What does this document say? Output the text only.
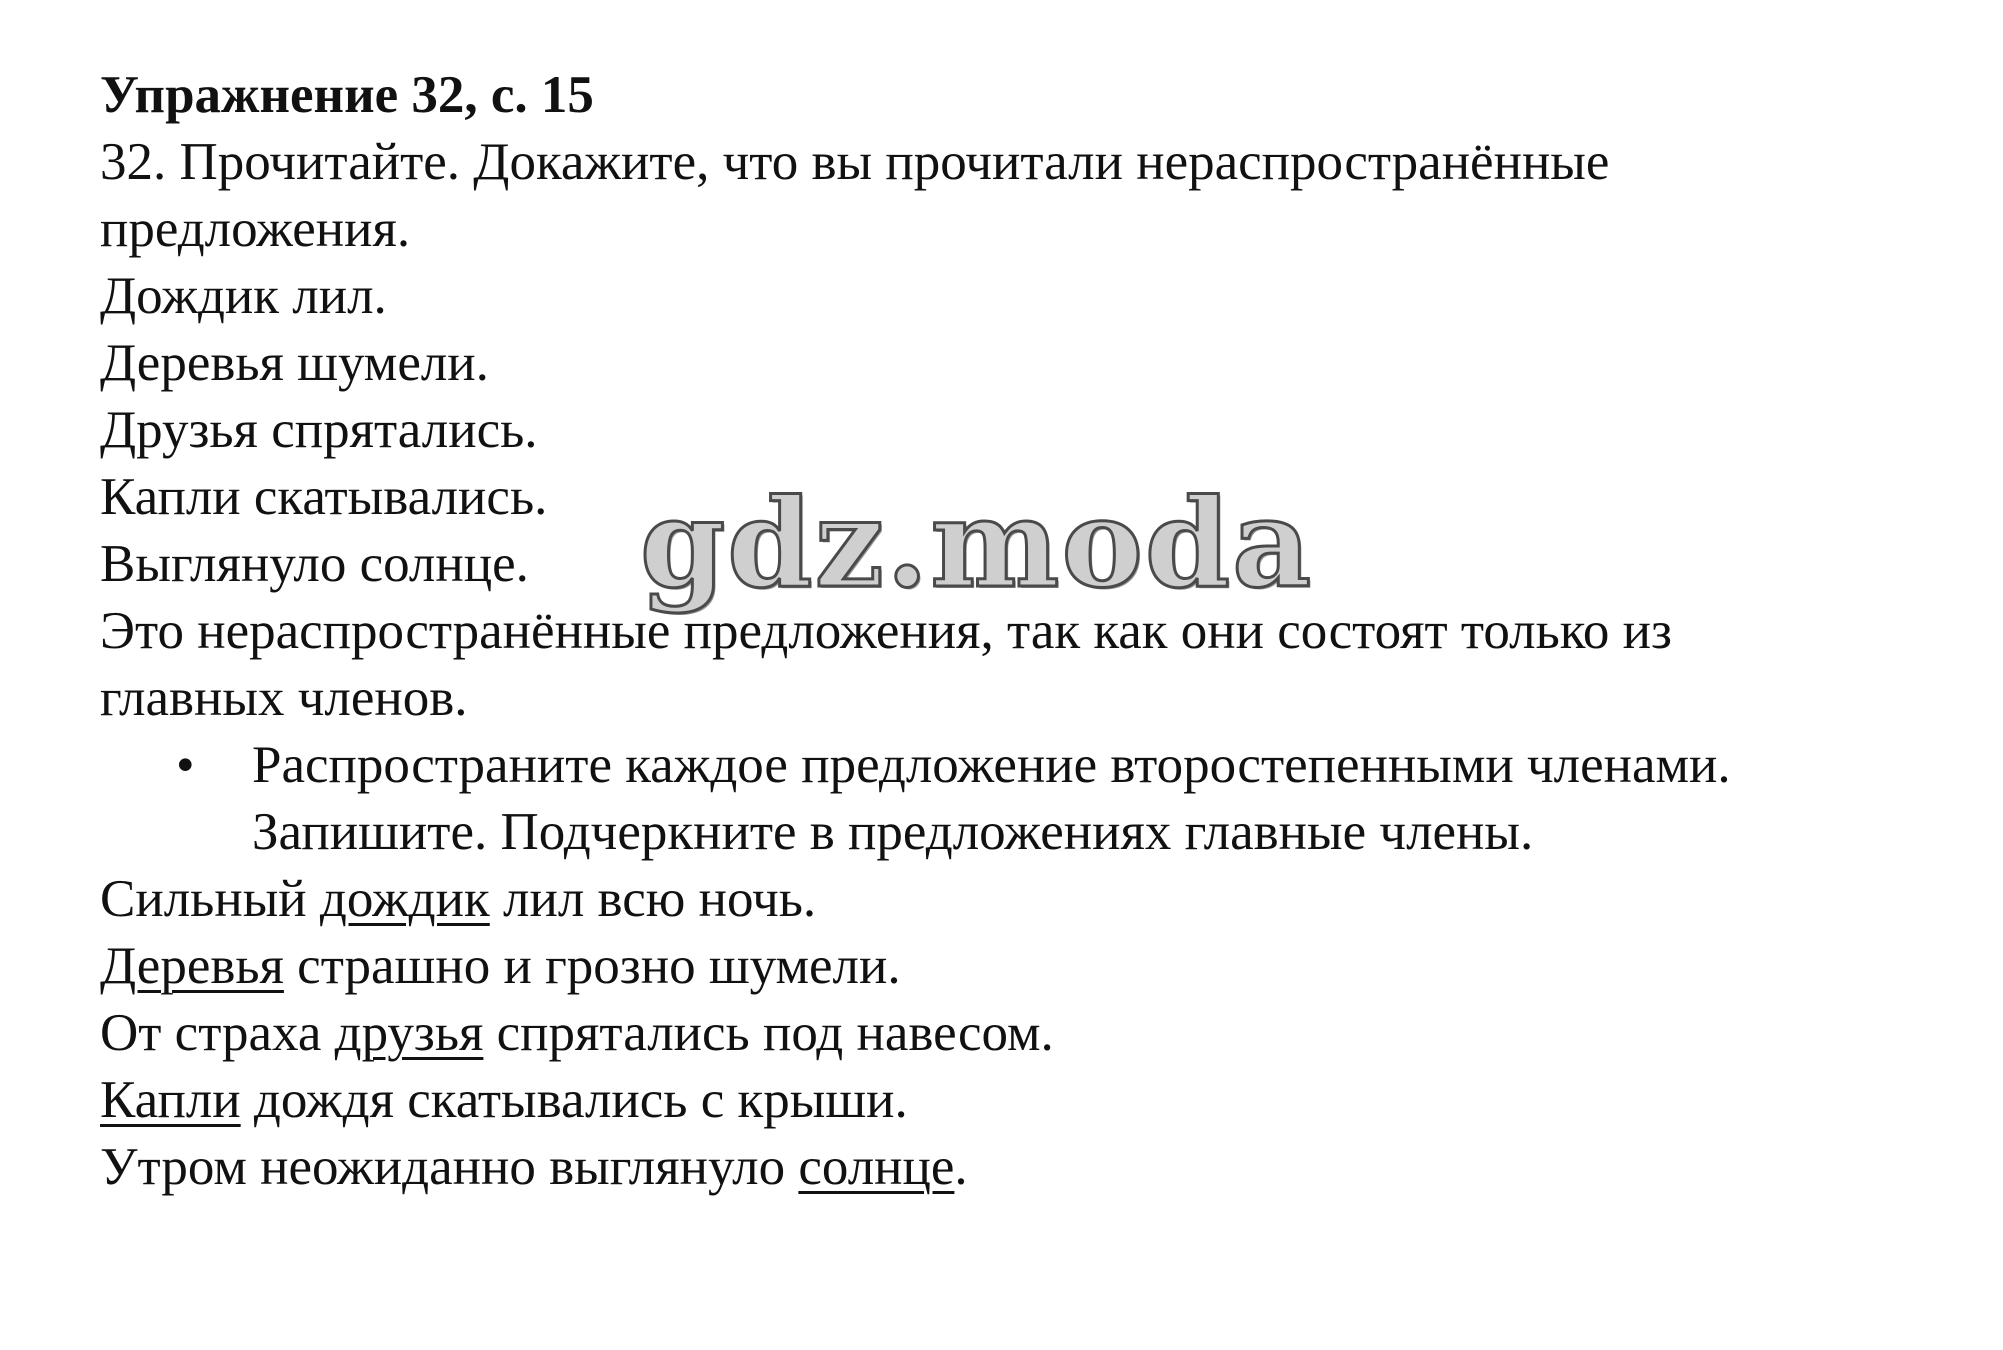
Упражнение 32, с. 15
32. Прочитайте. Докажите, что вы прочитали нераспространённые
предложения.
Дождик лил.
Деревья шумели.
Друзья спрятались.
Капли скатывались.
Выглянуло солнце.
Это нераспространённые предложения, так как они состоят только из
главных членов.
• Распространите каждое предложение второстепенными членами.
Запишите. Подчеркните в предложениях главные члены.
Сильный дождик лил всю ночь.
Деревья страшно и грозно шумели.
От страха друзья спрятались под навесом.
Капли дождя скатывались с крыши.
Утром неожиданно выглянуло солнце.
gdz.moda
